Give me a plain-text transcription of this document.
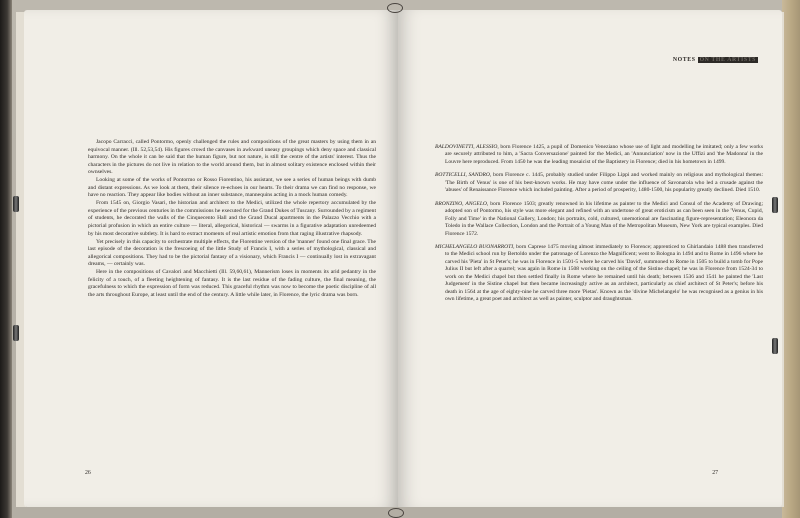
Jacopo Carracci, called Pontormo, openly challenged the rules and compositions of the great masters by using them in an equivocal manner. (Ill. 52,53,54). His figures crowd the canvases in awkward uneasy groupings which deny space and classical harmony. On the whole it can be said that the human figure, but not nature, is still the centre of the artists' interest. Thus the characters in the pictures do not live in relation to the world around them, but in almost solitary existence enclosed within their ownselves.

Looking at some of the works of Pontormo or Rosso Fiorentino, his assistant, we see a series of human beings with dumb and distant expressions. As we look at them, their silence re-echoes in our hearts. To their drama we can find no response, we have no reaction. They appear like bodies without an inner substance, mannequins acting in a mock human comedy.

From 1545 on, Giorgio Vasari, the historian and architect to the Medici, utilized the whole repertory accumulated by the experience of the previous centuries in the commissions he executed for the Grand Dukes of Tuscany. Surrounded by a regiment of students, he decorated the walls of the Cinquecento Hall and the Grand Ducal apartments in the Palazzo Vecchio with a pictorial profusion in which an entire culture — literal, allegorical, historical — swarms in a figurative adaptation unredeemed by his most decorative subtlety. It is hard to extract moments of real artistic emotion from that raging illustrative rhapsody.

Yet precisely in this capacity to orchestrate multiple effects, the Florentine version of the 'manner' found one final grace. The last episode of the decoration is the frescoeing of the little Study of Francis I, with a series of mythological, classical and allegorical compositions. They had to be the pictorial fantasy of a visionary, which Francis I — continually lost in extravagant dreams, — certainly was.

Here in the compositions of Cavalori and Macchietti (Ill. 59,60,61), Mannerism loses in moments its arid pedantry in the felicity of a touch, of a fleeting heightening of fantasy. It is the last residue of the fading culture, the final meaning, the gracefulness to which the expression of form was reduced. This graceful rhythm was now to become the poetic discipline of all the arts throughout Europe, at least until the end of the century. A little while later, in Florence, the lyric drama was born.

26
NOTES ON THE ARTISTS

BALDOVINETTI, ALESSIO, born Florence 1425, a pupil of Domenico Veneziano whose use of light and modelling he imitated; only a few works are securely attributed to him, a 'Sacra Conversazione' painted for the Medici, an 'Annunciation' now in the Uffizi and 'the Madonna' in the Louvre here reproduced. From 1450 he was the leading mosaicist of the Baptistery in Florence; died in his hometown in 1499.

BOTTICELLI, SANDRO, born Florence c. 1445, probably studied under Filippo Lippi and worked mainly on religious and mythological themes: 'The Birth of Venus' is one of his best-known works. He may have come under the influence of Savonarola who led a crusade against the 'abuses' of Renaissance Florence which included painting. After a period of prosperity, 1480-1500, his popularity greatly declined. Died 1510.

BRONZINO, ANGELO, born Florence 1503; greatly renowned in his lifetime as painter to the Medici and Consul of the Academy of Drawing; adopted son of Pontormo, his style was more elegant and refined with an undertone of great eroticism as can been seen in the 'Venus, Cupid, Folly and Time' in the National Gallery, London; his portraits, cold, cultured, unemotional are fascinating figure-representation; Eleonora da Toledo in the Wallace Collection, London and the Portrait of a Young Man of the Metropolitan Museum, New York are typical examples. Died Florence 1572.

MICHELANGELO BUONARROTI, born Caprese 1475 moving almost immediately to Florence; apprenticed to Ghirlandaio 1488 then transferred to the Medici school run by Bertoldo under the patronage of Lorenzo the Magnificent; went to Bologna in 1494 and to Rome in 1496 where he carved his 'Pieta' in St Peter's; he was in Florence in 1501-5 where he carved his 'David', summoned to Rome in 1505 to build a tomb for Pope Julius II but left after a quarrel; was again in Rome in 1508 working on the ceiling of the Sistine chapel; he was in Florence from 1524-34 to work on the Medici chapel but then settled finally in Rome where he remained until his death; between 1536 and 1541 he painted the 'Last Judgement' in the Sistine chapel but then became increasingly active as an architect, particularly as chief architect of St Peter's; before his death in 1564 at the age of eighty-nine he carved three more 'Pietas'. Known as the 'divine Michelangelo' he was recognised as a genius in his own lifetime, a great poet and architect as well as painter, sculptor and draughtsman.

27
